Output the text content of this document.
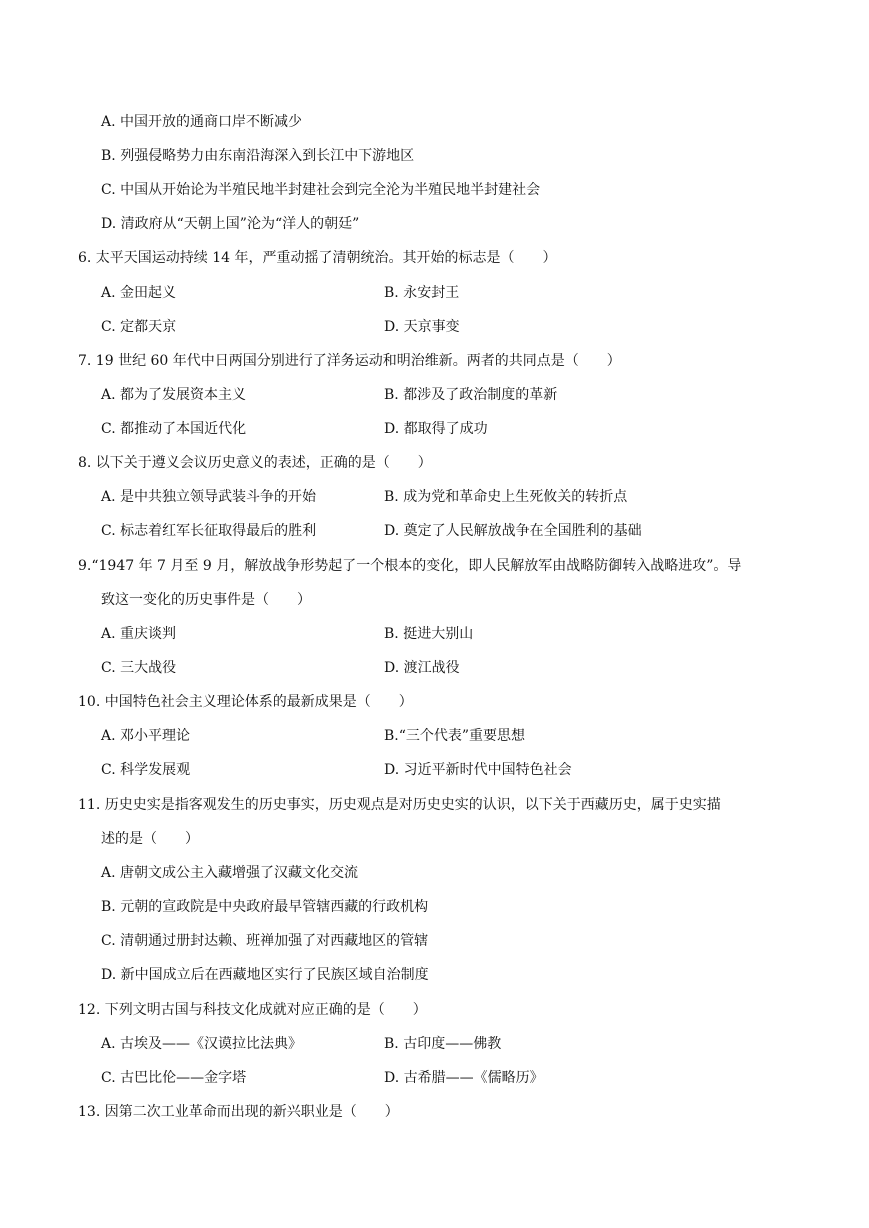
A. 中国开放的通商口岸不断减少
B. 列强侵略势力由东南沿海深入到长江中下游地区
C. 中国从开始论为半殖民地半封建社会到完全沦为半殖民地半封建社会
D. 清政府从“天朝上国”沦为“洋人的朝廷”
6. 太平天国运动持续 14 年，严重动摇了清朝统治。其开始的标志是（　　）
A. 金田起义	B. 永安封王
C. 定都天京	D. 天京事变
7. 19 世纪 60 年代中日两国分别进行了洋务运动和明治维新。两者的共同点是（　　）
A. 都为了发展资本主义	B. 都涉及了政治制度的革新
C. 都推动了本国近代化	D. 都取得了成功
8. 以下关于遵义会议历史意义的表述，正确的是（　　）
A. 是中共独立领导武装斗争的开始	B. 成为党和革命史上生死攸关的转折点
C. 标志着红军长征取得最后的胜利	D. 奠定了人民解放战争在全国胜利的基础
9.“1947 年 7 月至 9 月，解放战争形势起了一个根本的变化，即人民解放军由战略防御转入战略进攻”。导
致这一变化的历史事件是（　　）
A. 重庆谈判	B. 挺进大别山
C. 三大战役	D. 渡江战役
10. 中国特色社会主义理论体系的最新成果是（　　）
A. 邓小平理论	B.“三个代表”重要思想
C. 科学发展观	D. 习近平新时代中国特色社会
11. 历史史实是指客观发生的历史事实，历史观点是对历史史实的认识，以下关于西藏历史，属于史实描
述的是（　　）
A. 唐朝文成公主入藏增强了汉藏文化交流
B. 元朝的宣政院是中央政府最早管辖西藏的行政机构
C. 清朝通过册封达赖、班禅加强了对西藏地区的管辖
D. 新中国成立后在西藏地区实行了民族区域自治制度
12. 下列文明古国与科技文化成就对应正确的是（　　）
A. 古埃及——《汉谟拉比法典》	B. 古印度——佛教
C. 古巴比伦——金字塔	D. 古希腊——《儒略历》
13. 因第二次工业革命而出现的新兴职业是（　　）
